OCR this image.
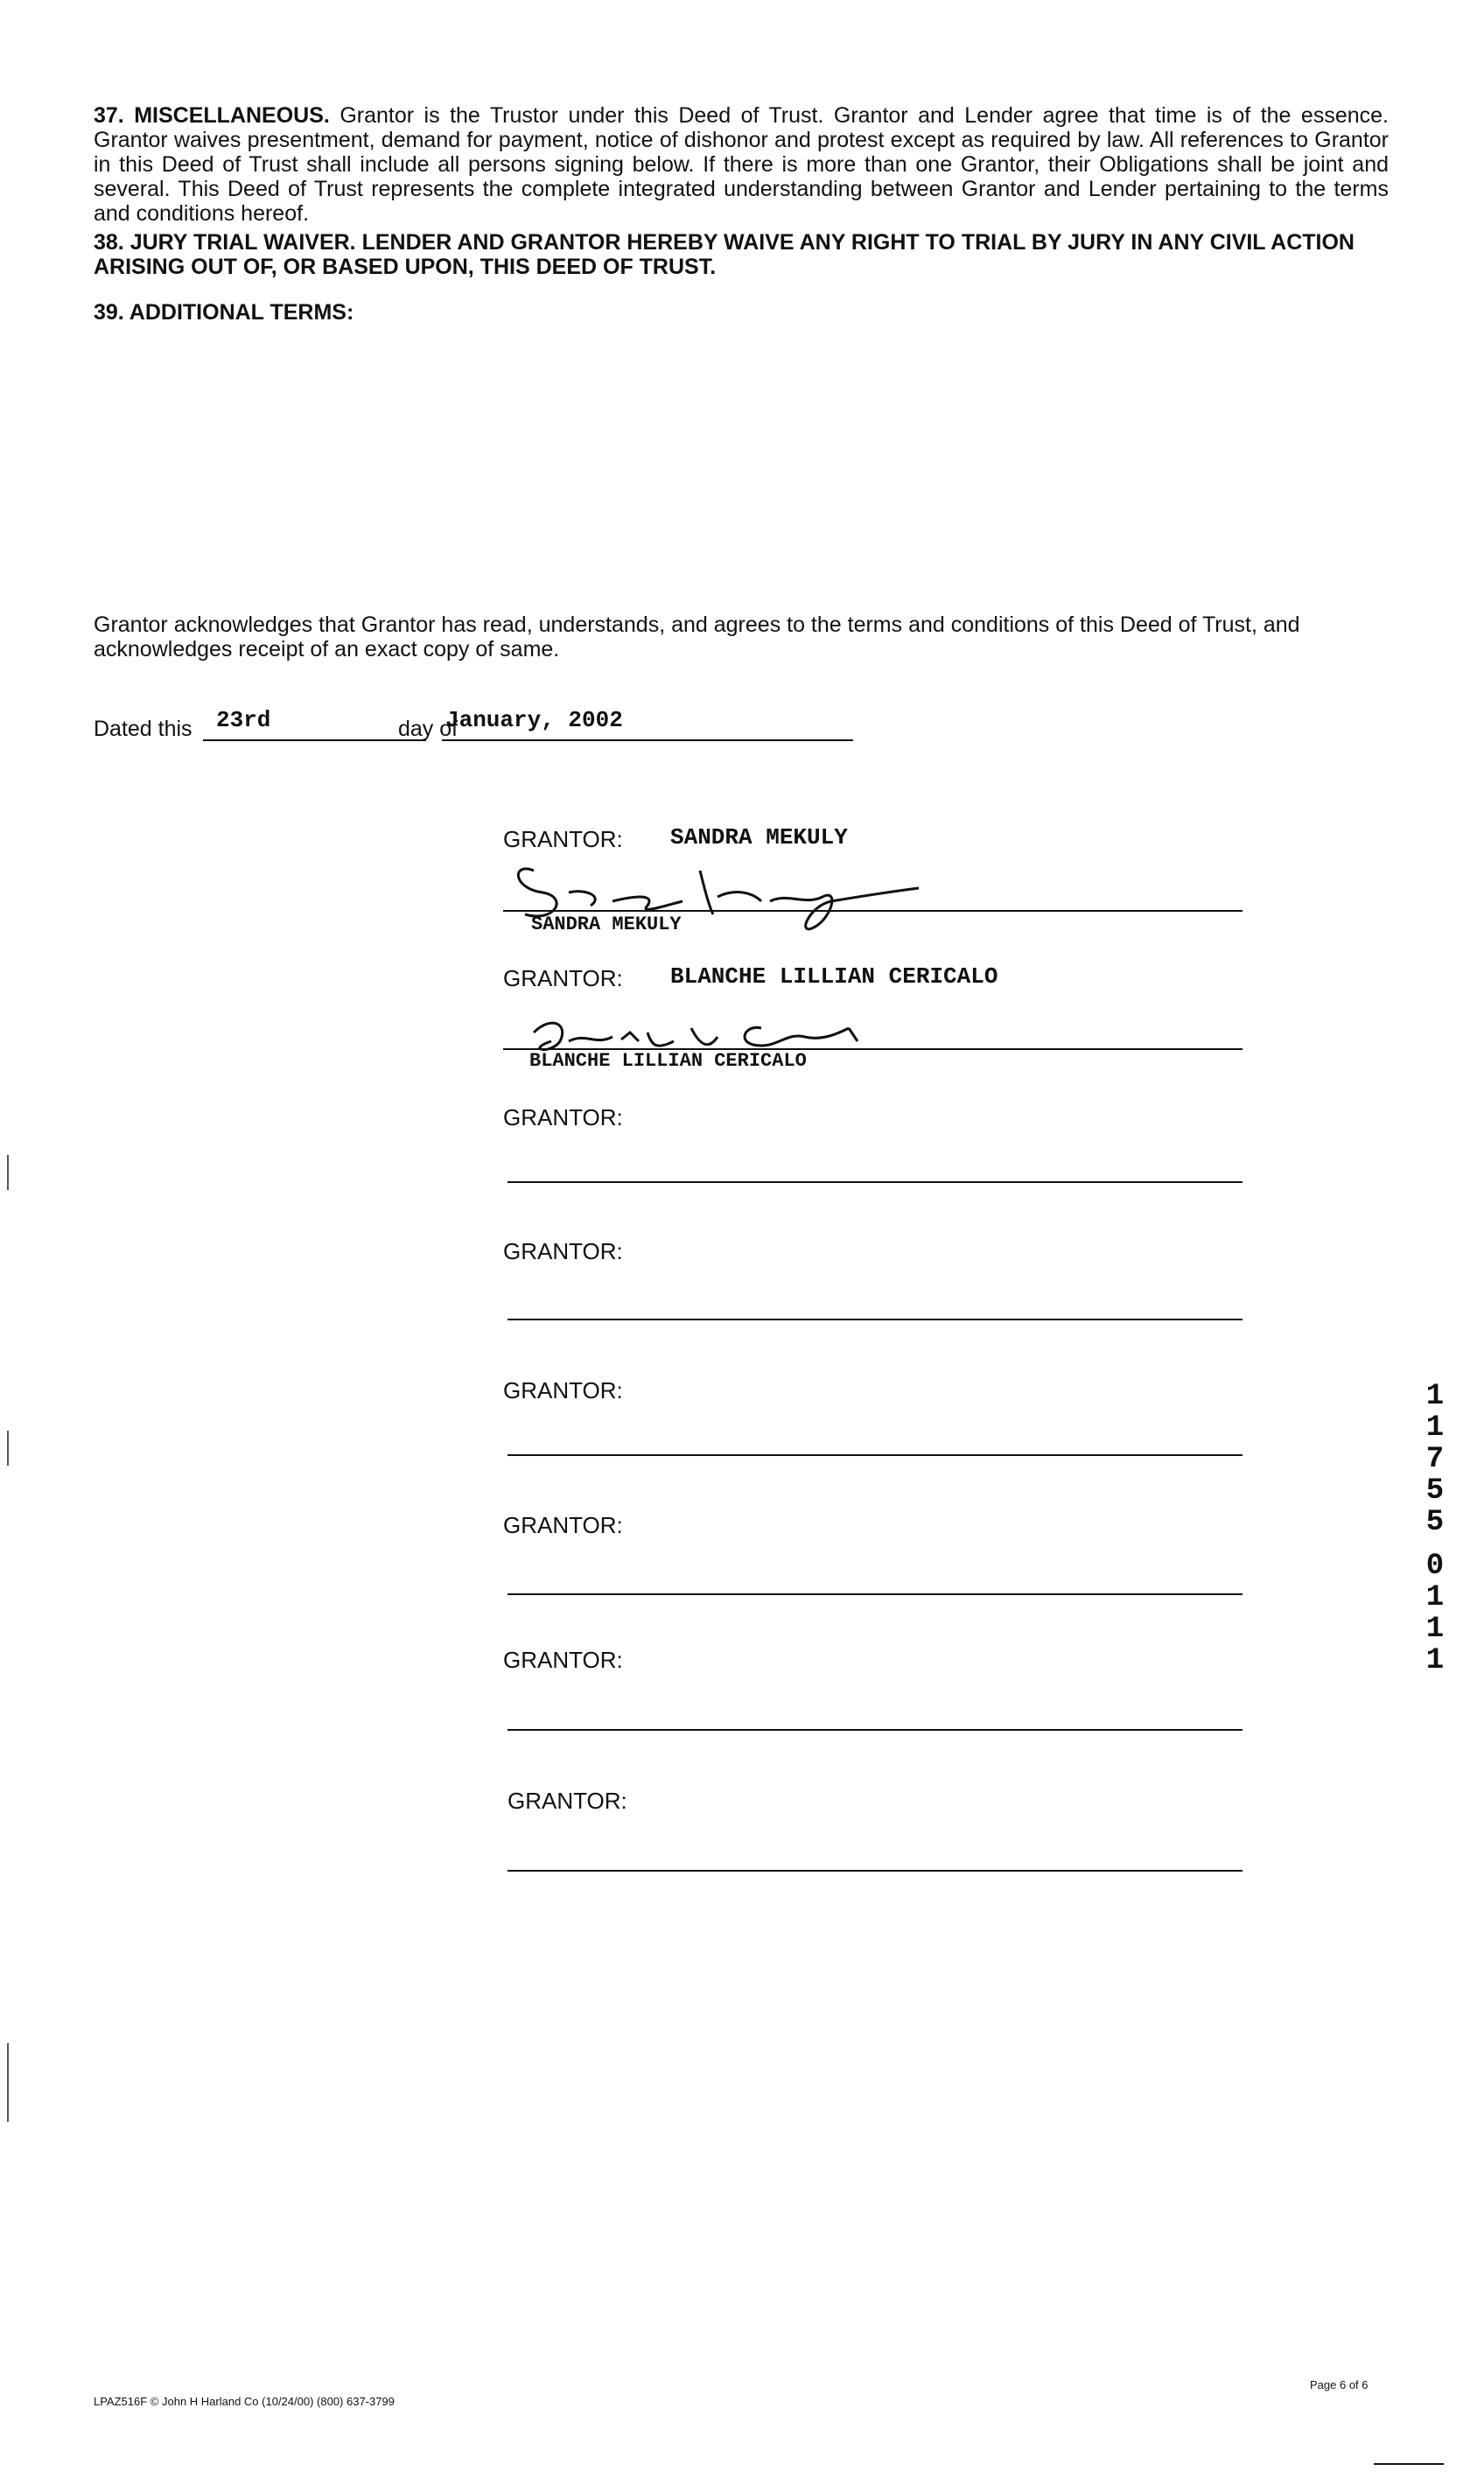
37. MISCELLANEOUS. Grantor is the Trustor under this Deed of Trust. Grantor and Lender agree that time is of the essence. Grantor waives presentment, demand for payment, notice of dishonor and protest except as required by law. All references to Grantor in this Deed of Trust shall include all persons signing below. If there is more than one Grantor, their Obligations shall be joint and several. This Deed of Trust represents the complete integrated understanding between Grantor and Lender pertaining to the terms and conditions hereof.
38. JURY TRIAL WAIVER. LENDER AND GRANTOR HEREBY WAIVE ANY RIGHT TO TRIAL BY JURY IN ANY CIVIL ACTION ARISING OUT OF, OR BASED UPON, THIS DEED OF TRUST.
39. ADDITIONAL TERMS:
Grantor acknowledges that Grantor has read, understands, and agrees to the terms and conditions of this Deed of Trust, and acknowledges receipt of an exact copy of same.
Dated this 23rd	day of
January, 2002
GRANTOR: SANDRA MEKULY
SANDRA MEKULY
GRANTOR: BLANCHE LILLIAN CERICALO
BLANCHE LILLIAN CERICALO
GRANTOR:
GRANTOR:
GRANTOR:
GRANTOR:
GRANTOR:
GRANTOR:
1
1
7
5
5
0
1
1
1
LPAZ516F © John H Harland Co (10/24/00) (800) 637-3799
Page 6 of 6
